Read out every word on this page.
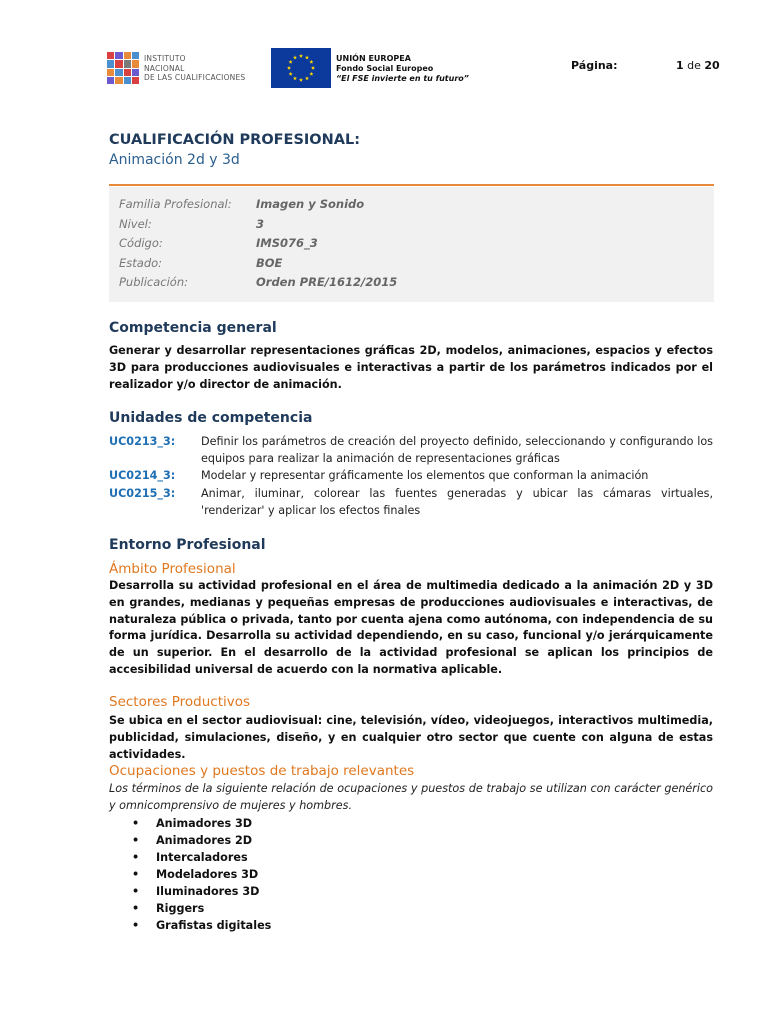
INSTITUTO
NACIONAL
DE LAS CUALIFICACIONES
UNIÓN EUROPEA
Fondo Social Europeo
“El FSE invierte en tu futuro”
Página:	1 de 20
CUALIFICACIÓN PROFESIONAL:
Animación 2d y 3d
Familia Profesional: Imagen y Sonido
Nivel:	3
Código:	IMS076_3
Estado:	BOE
Publicación:	Orden PRE/1612/2015
Competencia general
Generar y desarrollar representaciones gráficas 2D, modelos, animaciones, espacios y efectos 3D para producciones audiovisuales e interactivas a partir de los parámetros indicados por el realizador y/o director de animación.
Unidades de competencia
UC0213_3: Definir los parámetros de creación del proyecto definido, seleccionando y configurando los equipos para realizar la animación de representaciones gráficas
UC0214_3: Modelar y representar gráficamente los elementos que conforman la animación
UC0215_3: Animar, iluminar, colorear las fuentes generadas y ubicar las cámaras virtuales, 'renderizar' y aplicar los efectos finales
Entorno Profesional
Ámbito Profesional
Desarrolla su actividad profesional en el área de multimedia dedicado a la animación 2D y 3D en grandes, medianas y pequeñas empresas de producciones audiovisuales e interactivas, de naturaleza pública o privada, tanto por cuenta ajena como autónoma, con independencia de su forma jurídica. Desarrolla su actividad dependiendo, en su caso, funcional y/o jerárquicamente de un superior. En el desarrollo de la actividad profesional se aplican los principios de accesibilidad universal de acuerdo con la normativa aplicable.
Sectores Productivos
Se ubica en el sector audiovisual: cine, televisión, vídeo, videojuegos, interactivos multimedia, publicidad, simulaciones, diseño, y en cualquier otro sector que cuente con alguna de estas actividades.
Ocupaciones y puestos de trabajo relevantes
Los términos de la siguiente relación de ocupaciones y puestos de trabajo se utilizan con carácter genérico y omnicomprensivo de mujeres y hombres.
• Animadores 3D
• Animadores 2D
• Intercaladores
• Modeladores 3D
• Iluminadores 3D
• Riggers
• Grafistas digitales
